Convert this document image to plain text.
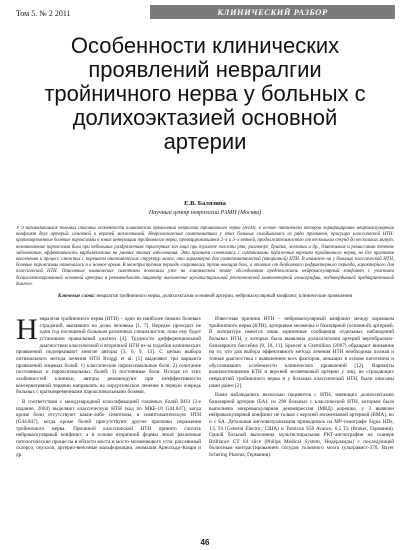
Том 5. № 2 2011	КЛИНИЧЕСКИЙ РАЗБОР
Особенности клинических проявлений невралгии тройничного нерва у больных с долихоэктазией основной артерии
Е.В. Балязина
Научный центр неврологии РАМН (Москва)
У 9 наблюдавшихся больных описаны особенности клинических проявлений невралгии тройничного нерва (НТН), в основе патогенеза которой верифицирован нейроваскулярный конфликт двух артерий: основной и верхней мозжечковой. Неврологическая симптоматика у этих больных складывалась из ряда признаков, присущих классической НТН: кратковременные болевые пароксизмы в зонах иннервации тройничного нерва, провоцировавшиеся 2–х и 3–х ветвей, продолжительностью от нескольких секунд до нескольких минут, возникновение пароксизма боли при небольших раздражениях триггерных зон лица при туалете полости рта, разговоре, бритье, жевании и др., длительные и ремиссиями течение заболевания, эффективность карбамазепина на ранних этапах заболевания. Эти признаки сочетались с симптомами поражения корешка тройничного нерва, не без признаков вовлечения в процесс смежных с корешком анатомических структур мозга, что характерно для симптоматической (вторичной) НТН. В анамнезе ни у больных классической НТН, болевые пароксизмы отмечались и в ночное время. В межприступном периоде сохранялась тупая ноющая боль, в отличие от безболевого рефрактерного периода, характерного для классической НТН. Описанные клинические симптомы позволили уже на клиническом этапе обследования предположить нейроваскулярный конфликт с участием долихоэктазированной основной артерии и рекомендовать пациенту выполнение мультиспиральной рентгеновской компьютерной ангиографии, подтвердившей предварительный диагноз.
Ключевые слова: невралгия тройничного нерва, долихоэктазия основной артерии, нейроваскулярный конфликт, клинические проявления
Н евралгия тройничного нерва (НТН) – одно из наиболее тяжких болевых страданий, выпавших на долю человека [1, 7]. Нередко проходит не один год посещений больным различных специалистов, пока ему будет установлен правильный диагноз [4]. Трудности дифференциальной диагностики классической и вторичной НТН из-за подобия клинических проявлений подчеркивают многие авторы [3, 6, 9, 13]. С целью выбора оптимального метода лечения НТН Bruggi et al. [5] выделяют три варианта проявлений лицевых болей: 1) классические пароксизмальные боли; 2) сочетание постоянных и пароксизмальных болей; 3) постоянные боли. Исходя из этих особенностей клиники, авторы рекомендуют при неэффективности консервативной терапии направлять на хирургическое лечение в первую очередь больных с кратковременными пароксизмальными болями.

В соответствии с международной классификацией головных болей ВОЗ (2-е издание, 2004) выделяют классическую НТН (код по МКБ-10 G44.847), когда кроме боли отсутствуют какие-либо симптомы, и симптоматическую НТН (G44.847), когда кроме болей присутствуют другие признаки поражения тройничного нерва. Причиной классической НТН принято считать нейроваскулярный конфликт, а в основе вторичной формы лежат различные патологические процессы в области моста и мосто-мозжечкового угла: рассеянный склероз, опухоли, артерио-венозные мальформации, аномалия Арнольда–Киари и др.

Известная причина НТН – нейроваскулярный конфликт между корешком тройничного нерва (КТН), артериями мозжечка и базилярной (основной) артерией. В литературе имеется лишь единичные сообщения отдельных наблюдений больных НТН, у которых была выявлена долихоэктазия артерий вертебрально-базилярного бассейна [8, 10, 11]. Spencer и Gremillion (2007) обращают внимание на то, что для выбора эффективного метода лечения НТН необходима полная и точная диагностика с выявлением всех факторов, лежащих в основе патогенеза и обусловивших особенности клинических проявлений [12]. Варианты взаимоотношения КТН и верхней мозжечковой артерии у лиц, не страдающих невралгией тройничного нерва и у больных классической НТН, были описаны нами ранее [2].

Нами наблюдались несколько пациентов с НТН, имеющих долихоэктазию базилярной артерии (БА): из 298 больных с классической НТН, которым была выполнена микроваскулярная декомпрессия (МВД) корешка, у 3 выявлен нейроваскулярный конфликт не только с верхней мозжечковой артерией (ВМА), но и с БА. Детальная ангиовизуализация проводилась на МР-томографе Signa HDx, 1,5 Тл (General Electric, США) и Tomicon S50 Avance, 0,5 Тл (Bruker, Германия). Одной больной выполнена мультиспиральная РКТ-ангиография на сканере Brilliance CT 64 slice (Philips Medical System, Нидерланды) с последующей болюсным контрастированием сосудов головного мозга (ультравист-370, Bayer Schering Pharma, Германия).

46
